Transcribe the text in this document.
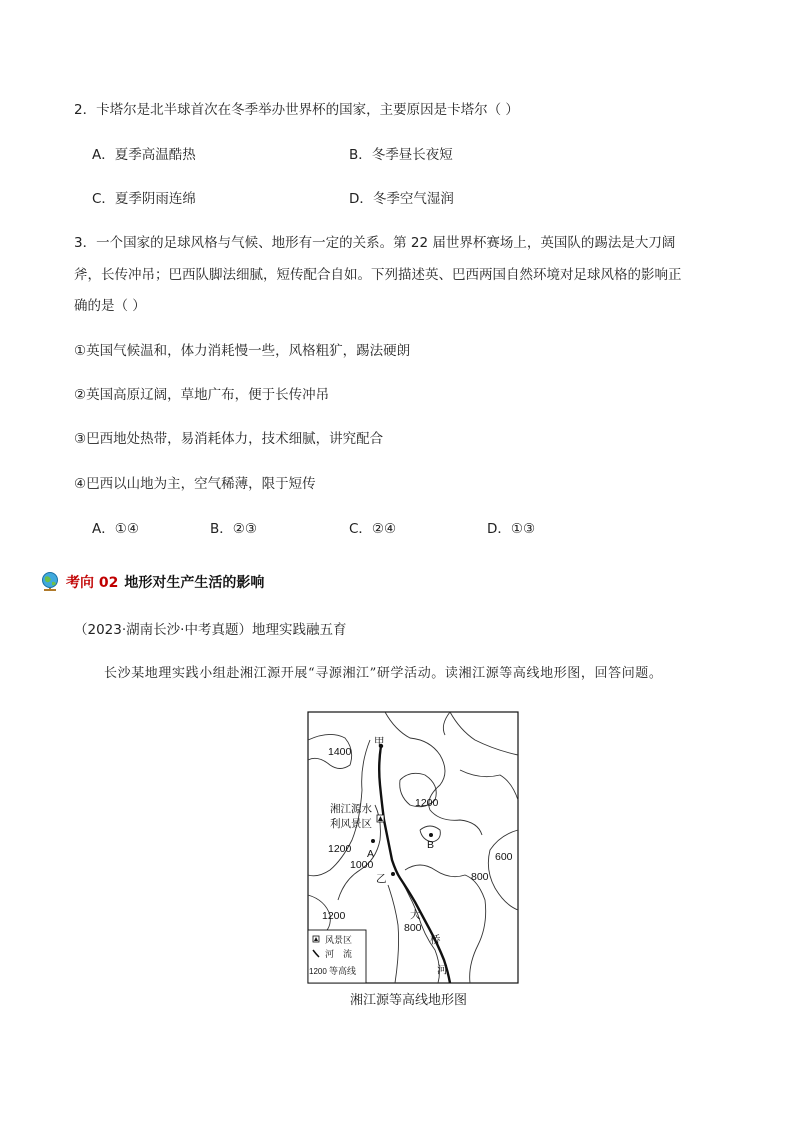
2．卡塔尔是北半球首次在冬季举办世界杯的国家，主要原因是卡塔尔（ ）
A．夏季高温酷热	B．冬季昼长夜短
C．夏季阴雨连绵	D．冬季空气湿润
3．一个国家的足球风格与气候、地形有一定的关系。第 22 届世界杯赛场上，英国队的踢法是大刀阔
斧，长传冲吊；巴西队脚法细腻，短传配合自如。下列描述英、巴西两国自然环境对足球风格的影响正
确的是（ ）
①英国气候温和，体力消耗慢一些，风格粗犷，踢法硬朗
②英国高原辽阔，草地广布，便于长传冲吊
③巴西地处热带，易消耗体力，技术细腻，讲究配合
④巴西以山地为主，空气稀薄，限于短传
A．①④	B．②③	C．②④	D．①③
考向 02 地形对生产生活的影响
（2023·湖南长沙·中考真题）地理实践融五育
长沙某地理实践小组赴湘江源开展“寻源湘江”研学活动。读湘江源等高线地形图，回答问题。
甲
A
B
乙
湘江源水
利风景区
大
桥
河
1400
1200
1200
1000
1200
800
600
800
风景区
河　流
1200 等高线
湘江源等高线地形图
